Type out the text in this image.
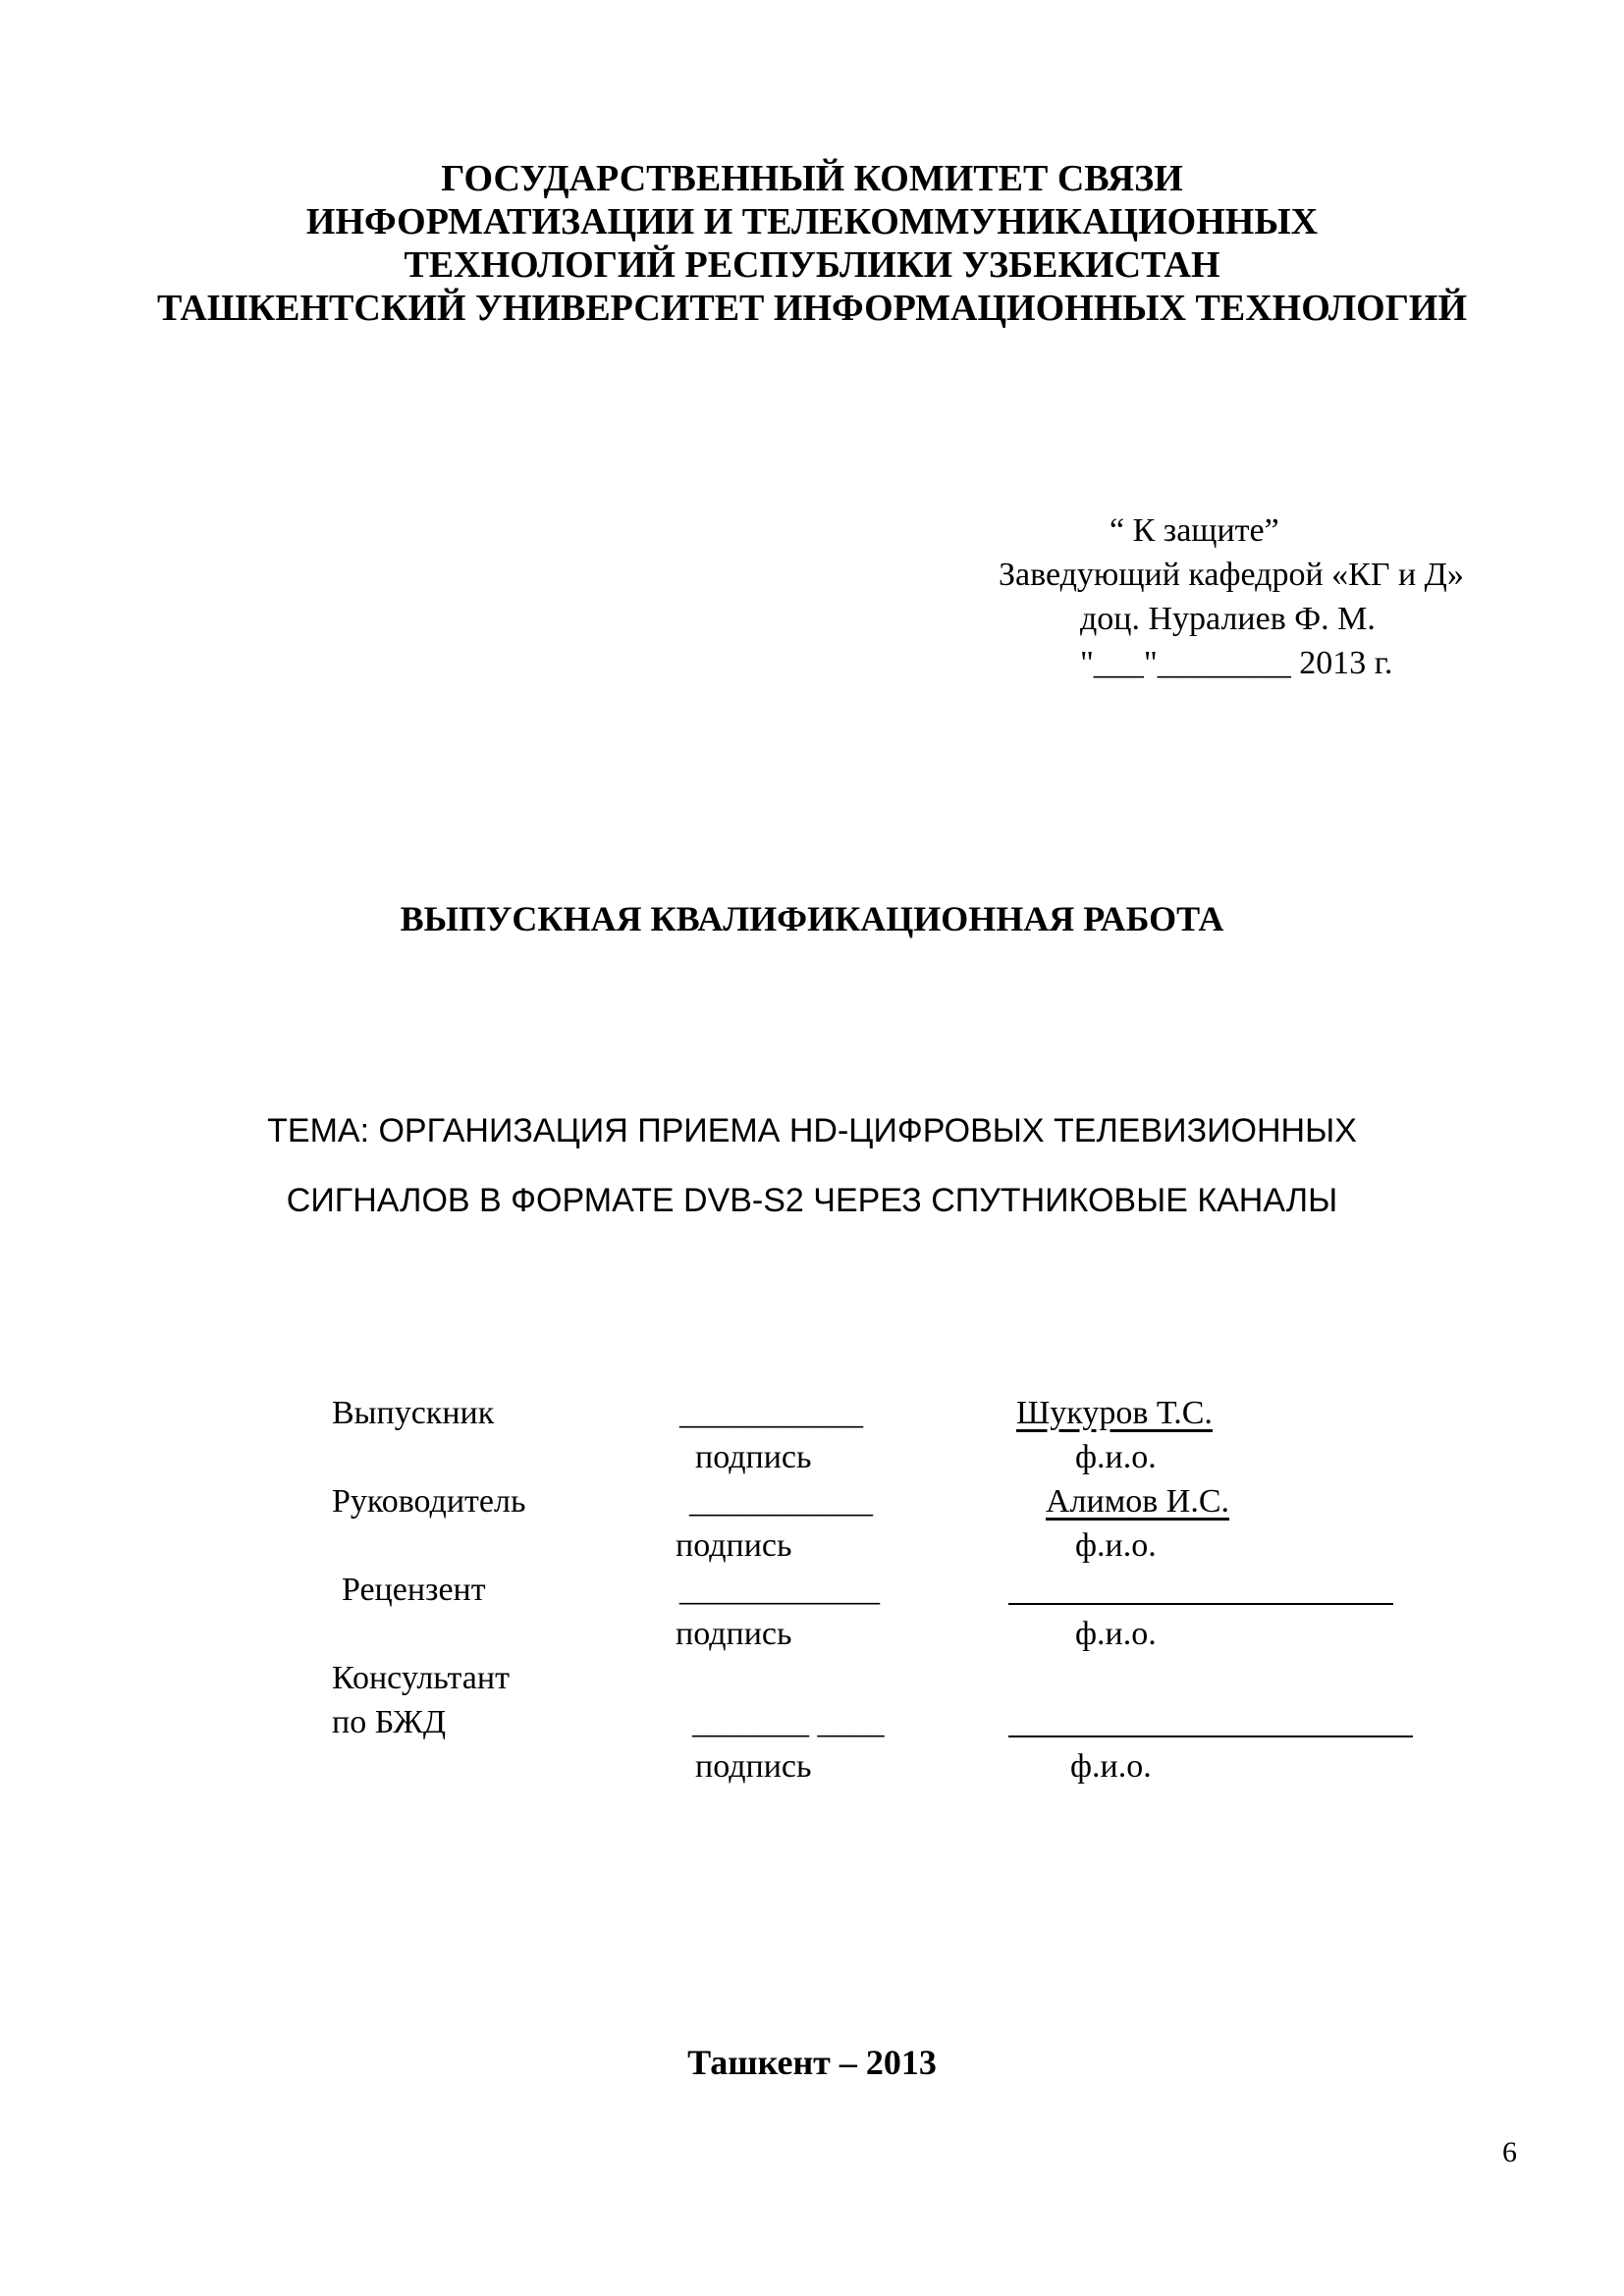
ГОСУДАРСТВЕННЫЙ КОМИТЕТ СВЯЗИ
ИНФОРМАТИЗАЦИИ И ТЕЛЕКОММУНИКАЦИОННЫХ
ТЕХНОЛОГИЙ РЕСПУБЛИКИ УЗБЕКИСТАН
ТАШКЕНТСКИЙ УНИВЕРСИТЕТ ИНФОРМАЦИОННЫХ ТЕХНОЛОГИЙ
“ К защите”
Заведующий кафедрой «КГ и Д»
доц. Нуралиев Ф. М.
"___"________ 2013 г.
ВЫПУСКНАЯ КВАЛИФИКАЦИОННАЯ РАБОТА
ТЕМА: ОРГАНИЗАЦИЯ ПРИЕМА HD-ЦИФРОВЫХ ТЕЛЕВИЗИОННЫХ
СИГНАЛОВ В ФОРМАТЕ DVB-S2 ЧЕРЕЗ СПУТНИКОВЫЕ КАНАЛЫ
Выпускник	___________	Шукуров Т.С.
подпись	ф.и.о.
Руководитель	___________	Алимов И.С.
подпись	ф.и.о.
Рецензент	____________
подпись	ф.и.о.
Консультант
по БЖД	_______ ____
подпись	ф.и.о.
Ташкент – 2013
6
